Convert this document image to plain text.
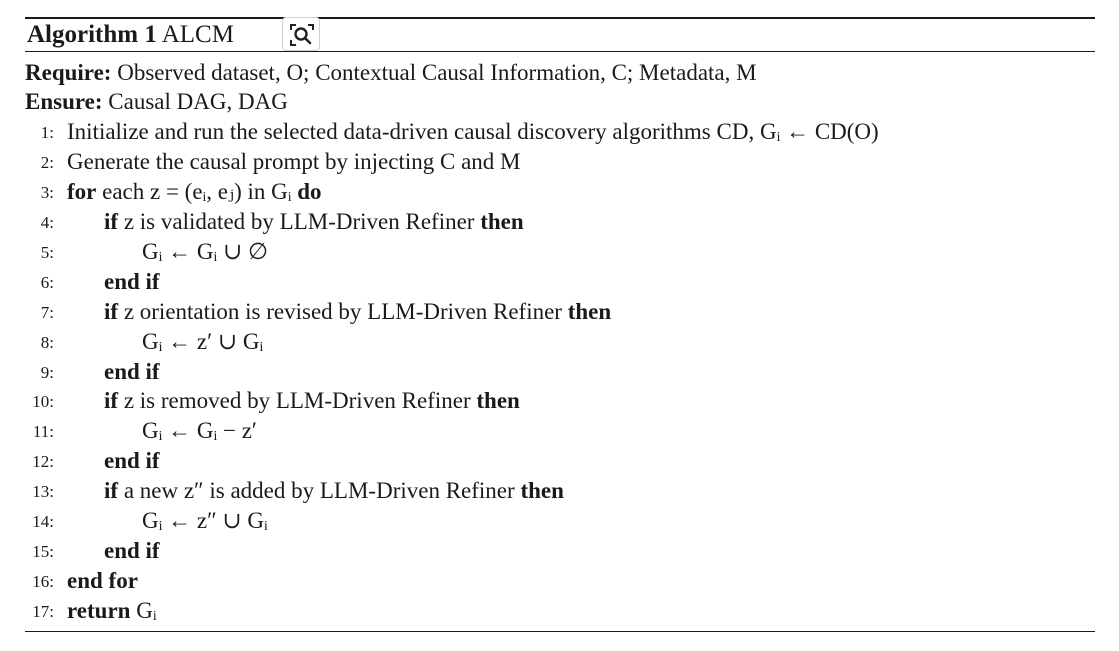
Algorithm 1 ALCM
Require: Observed dataset, O; Contextual Causal Information, C; Metadata, M
Ensure: Causal DAG, DAG
1: Initialize and run the selected data-driven causal discovery algorithms CD, Gᵢ ← CD(O)
2: Generate the causal prompt by injecting C and M
3: for each z = (eᵢ, eⱼ) in Gᵢ do
4: if z is validated by LLM-Driven Refiner then
5:	Gᵢ ← Gᵢ ∪ ∅
6: end if
7: if z orientation is revised by LLM-Driven Refiner then
8:	Gᵢ ← z′ ∪ Gᵢ
9: end if
10: if z is removed by LLM-Driven Refiner then
11:	Gᵢ ← Gᵢ − z′
12: end if
13: if a new z″ is added by LLM-Driven Refiner then
14:	Gᵢ ← z″ ∪ Gᵢ
15: end if
16: end for
17: return Gᵢ
